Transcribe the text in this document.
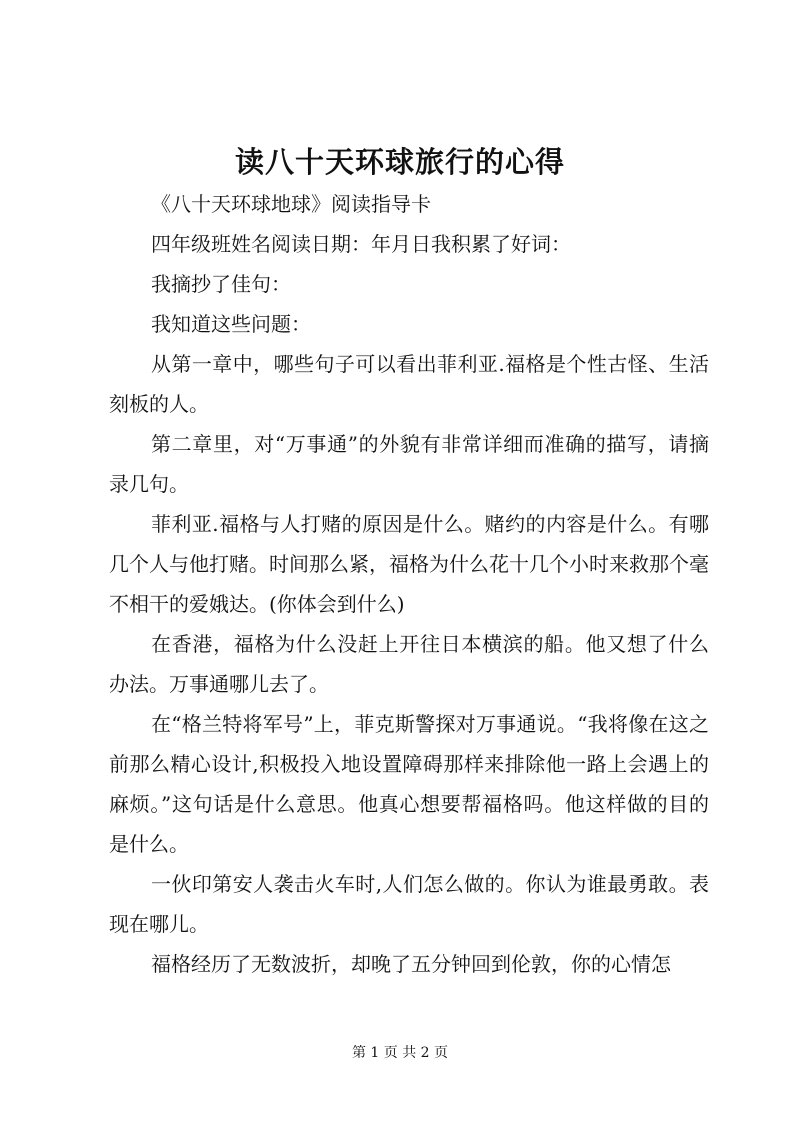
读八十天环球旅行的心得

《八十天环球地球》阅读指导卡

四年级班姓名阅读日期：年月日我积累了好词：

我摘抄了佳句：

我知道这些问题：

从第一章中，哪些句子可以看出菲利亚.福格是个性古怪、生活刻板的人。

第二章里，对“万事通”的外貌有非常详细而准确的描写，请摘录几句。

菲利亚.福格与人打赌的原因是什么。赌约的内容是什么。有哪几个人与他打赌。时间那么紧，福格为什么花十几个小时来救那个毫不相干的爱娥达。(你体会到什么)

在香港，福格为什么没赶上开往日本横滨的船。他又想了什么办法。万事通哪儿去了。

在“格兰特将军号”上，菲克斯警探对万事通说。“我将像在这之前那么精心设计,积极投入地设置障碍那样来排除他一路上会遇上的麻烦。”这句话是什么意思。他真心想要帮福格吗。他这样做的目的是什么。

一伙印第安人袭击火车时,人们怎么做的。你认为谁最勇敢。表现在哪儿。

福格经历了无数波折，却晚了五分钟回到伦敦，你的心情怎

第 1 页 共 2 页
